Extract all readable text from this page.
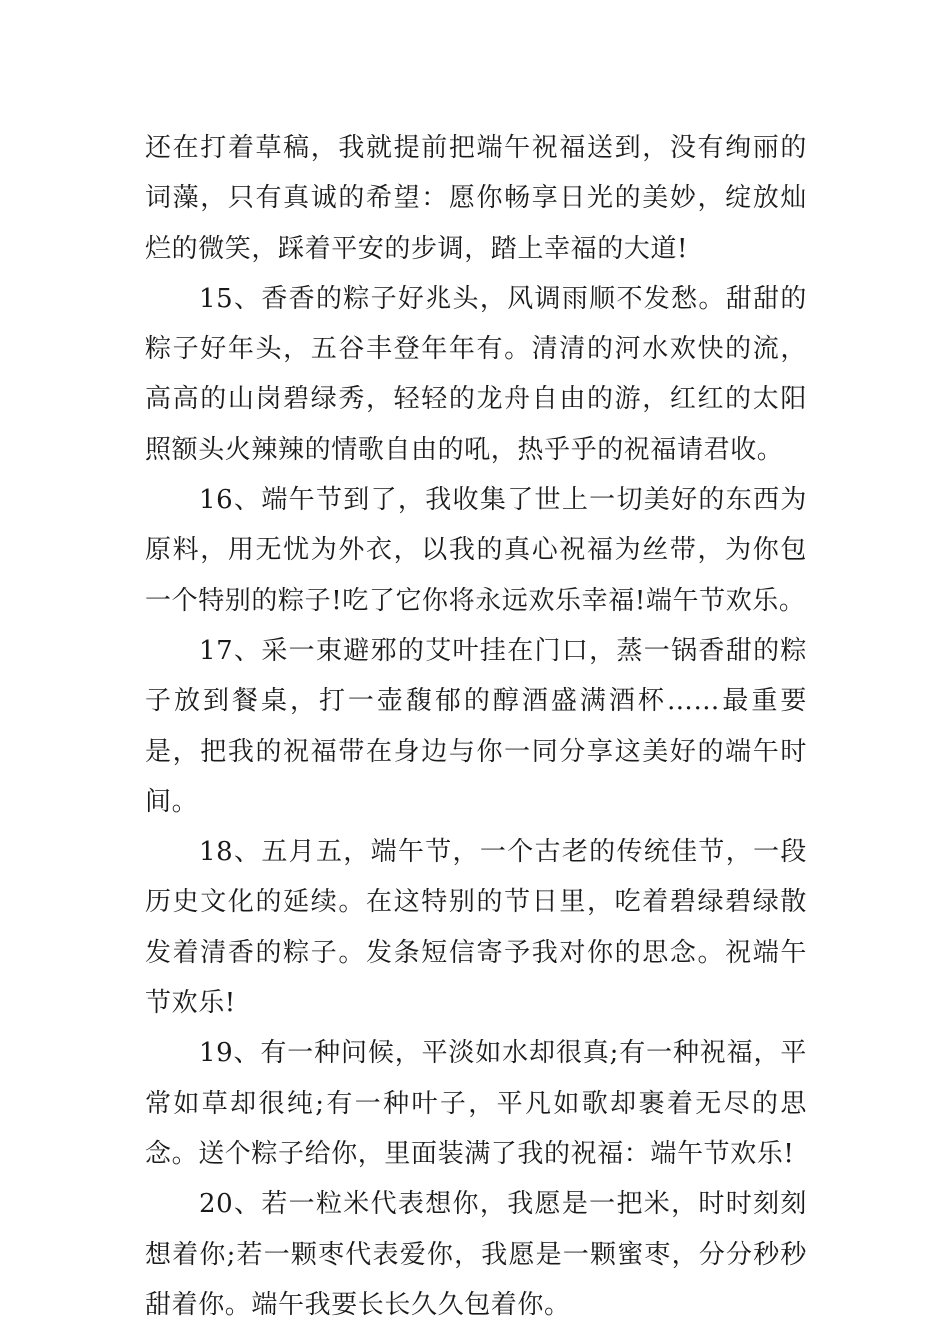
还在打着草稿，我就提前把端午祝福送到，没有绚丽的词藻，只有真诚的希望：愿你畅享日光的美妙，绽放灿烂的微笑，踩着平安的步调，踏上幸福的大道!

15、香香的粽子好兆头，风调雨顺不发愁。甜甜的粽子好年头，五谷丰登年年有。清清的河水欢快的流，高高的山岗碧绿秀，轻轻的龙舟自由的游，红红的太阳照额头火辣辣的情歌自由的吼，热乎乎的祝福请君收。

16、端午节到了，我收集了世上一切美好的东西为原料，用无忧为外衣，以我的真心祝福为丝带，为你包一个特别的粽子!吃了它你将永远欢乐幸福!端午节欢乐。

17、采一束避邪的艾叶挂在门口，蒸一锅香甜的粽子放到餐桌，打一壶馥郁的醇酒盛满酒杯……最重要是，把我的祝福带在身边与你一同分享这美好的端午时间。

18、五月五，端午节，一个古老的传统佳节，一段历史文化的延续。在这特别的节日里，吃着碧绿碧绿散发着清香的粽子。发条短信寄予我对你的思念。祝端午节欢乐!

19、有一种问候，平淡如水却很真;有一种祝福，平常如草却很纯;有一种叶子，平凡如歌却裹着无尽的思念。送个粽子给你，里面装满了我的祝福：端午节欢乐!

20、若一粒米代表想你，我愿是一把米，时时刻刻想着你;若一颗枣代表爱你，我愿是一颗蜜枣，分分秒秒甜着你。端午我要长长久久包着你。
